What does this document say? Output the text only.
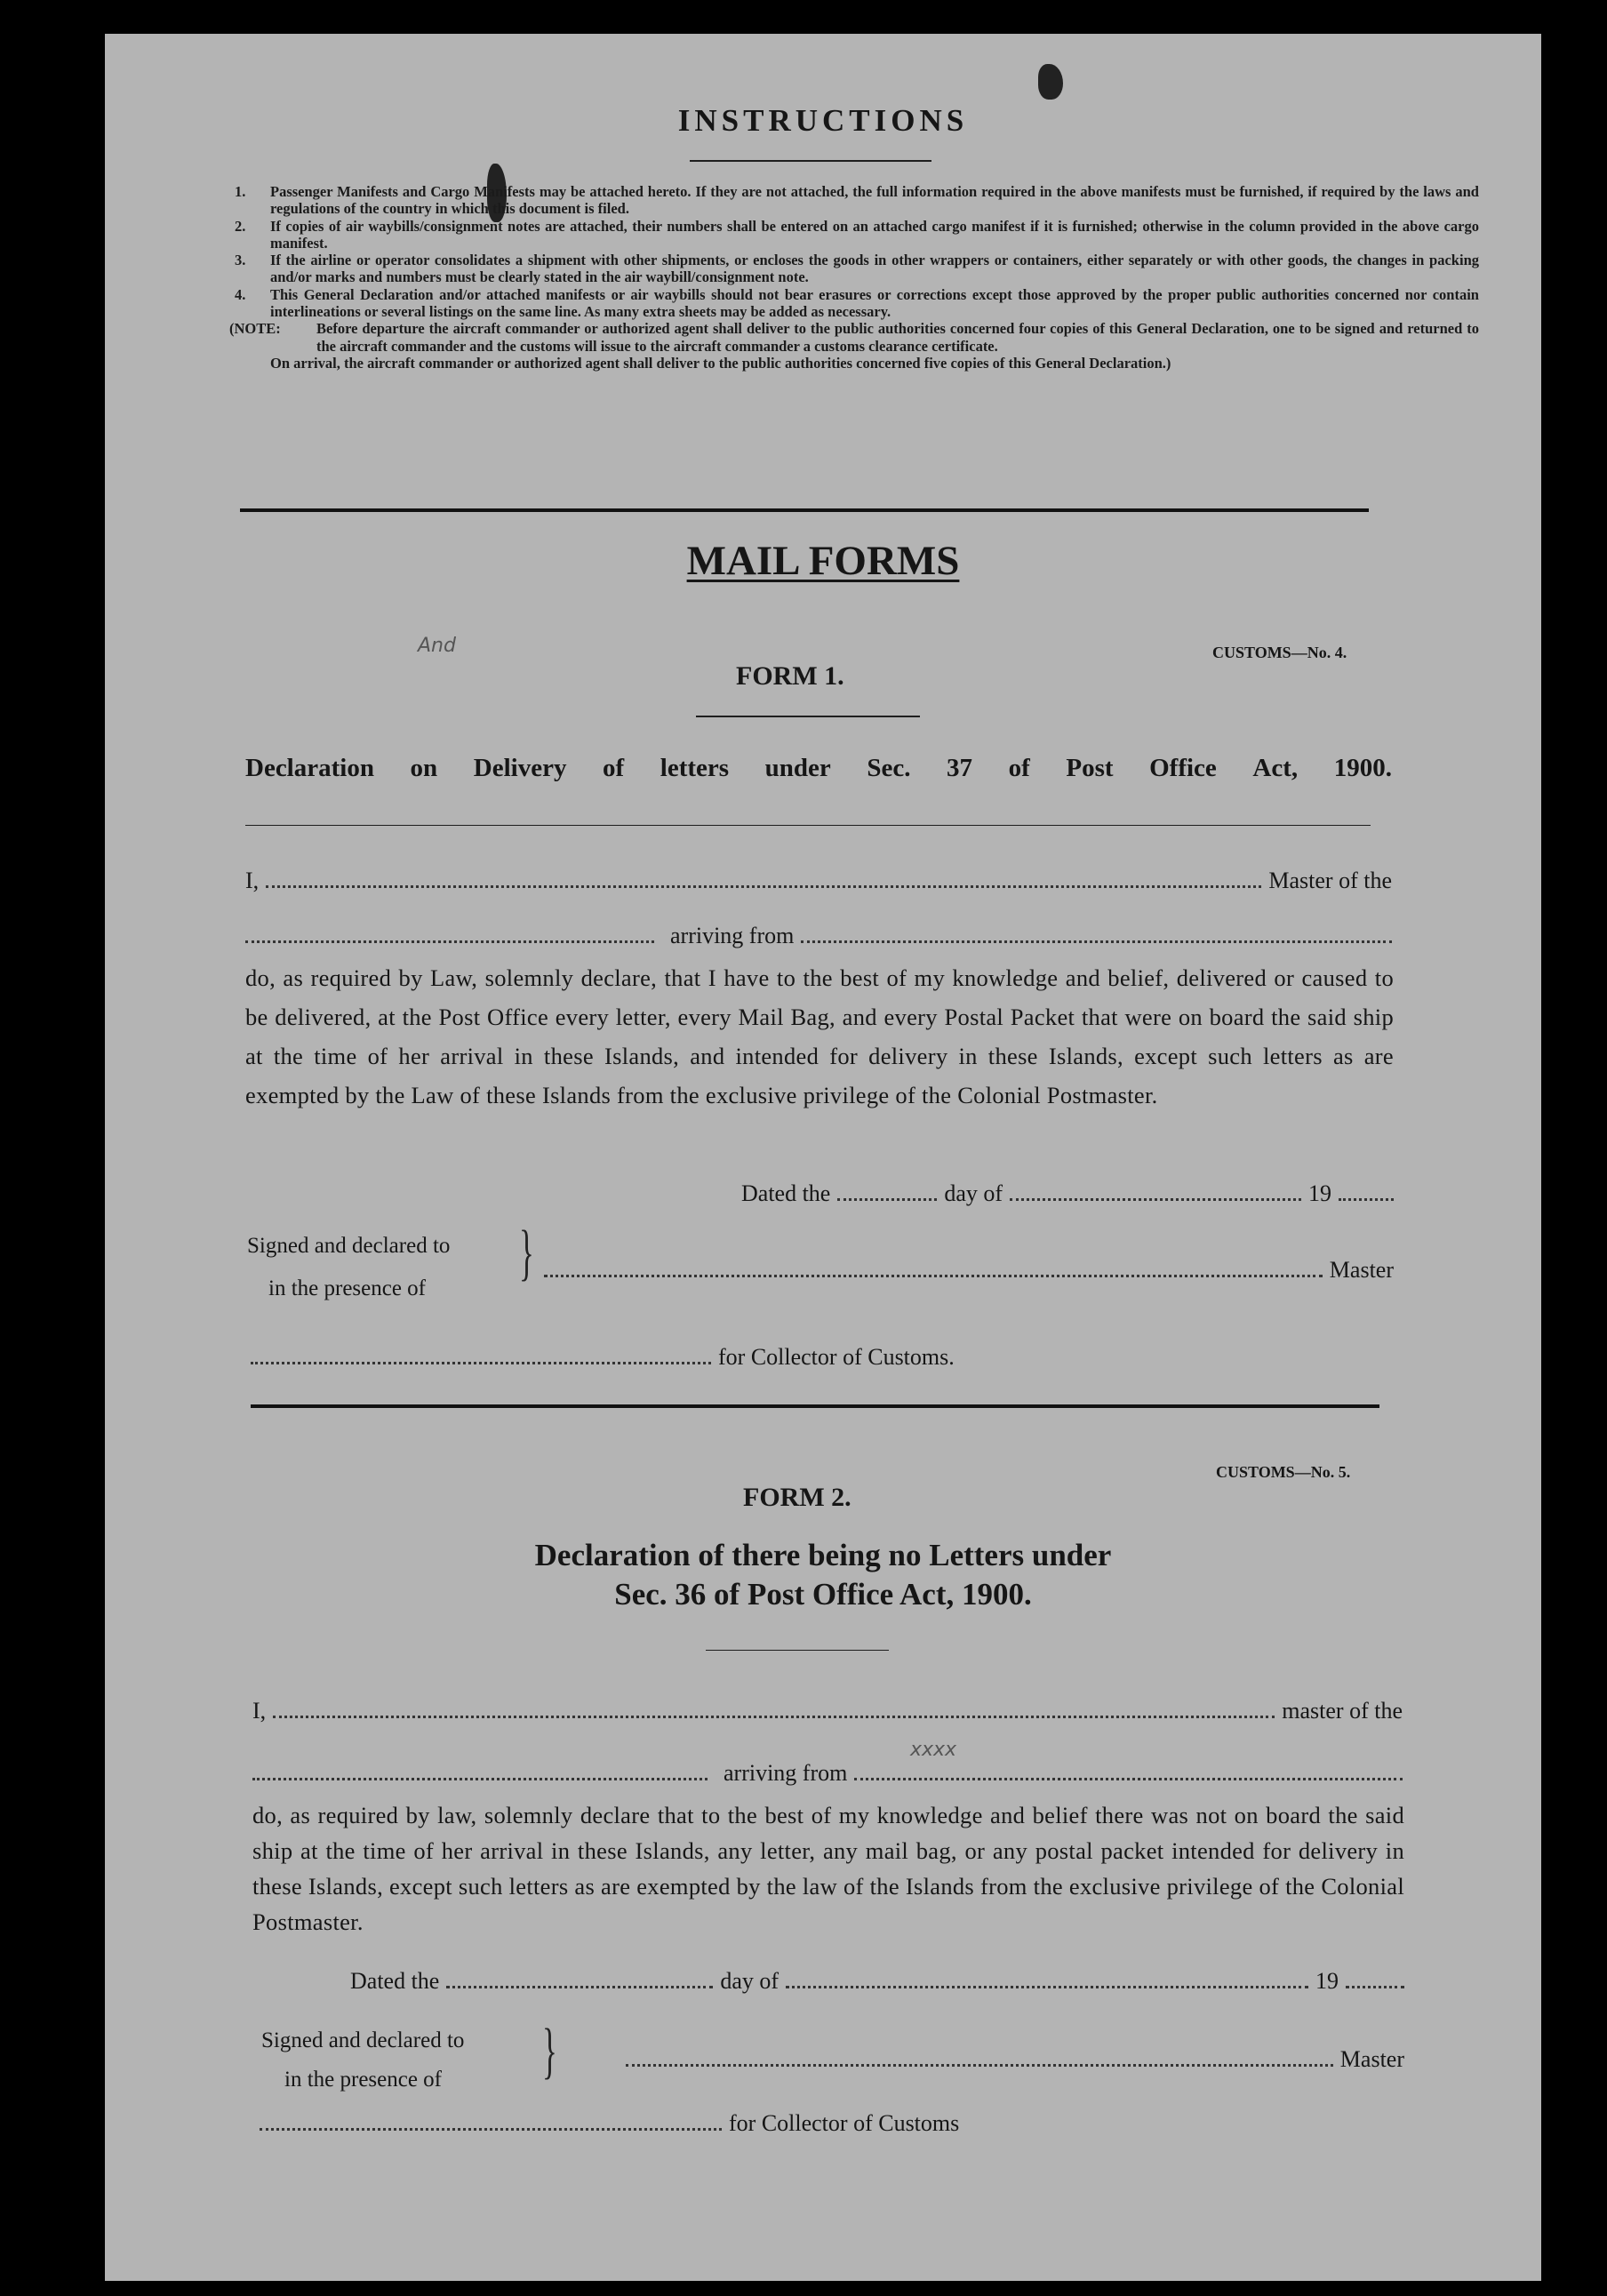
INSTRUCTIONS
1. Passenger Manifests and Cargo Manifests may be attached hereto. If they are not attached, the full information required in the above manifests must be furnished, if required by the laws and regulations of the country in which this document is filed.
2. If copies of air waybills/consignment notes are attached, their numbers shall be entered on an attached cargo manifest if it is furnished; otherwise in the column provided in the above cargo manifest.
3. If the airline or operator consolidates a shipment with other shipments, or encloses the goods in other wrappers or containers, either separately or with other goods, the changes in packing and/or marks and numbers must be clearly stated in the air waybill/consignment note.
4. This General Declaration and/or attached manifests or air waybills should not bear erasures or corrections except those approved by the proper public authorities concerned nor contain interlineations or several listings on the same line. As many extra sheets may be added as necessary.
(NOTE:	Before departure the aircraft commander or authorized agent shall deliver to the public authorities concerned four copies of this General Declaration, one to be signed and returned to the aircraft commander and the customs will issue to the aircraft commander a customs clearance certificate.

On arrival, the aircraft commander or authorized agent shall deliver to the public authorities concerned five copies of this General Declaration.)

MAIL FORMS
CUSTOMS—No. 4.
And
FORM 1.
Declaration on Delivery of letters under Sec. 37 of Post Office Act, 1900.
I,	Master of the
arriving from
do, as required by Law, solemnly declare, that I have to the best of my knowledge and belief, delivered or caused to be delivered, at the Post Office every letter, every Mail Bag, and every Postal Packet that were on board the said ship at the time of her arrival in these Islands, and intended for delivery in these Islands, except such letters as are exempted by the Law of these Islands from the exclusive privilege of the Colonial Postmaster.
Dated the	day of	19
Signed and declared to
in the presence of
}	Master
for Collector of Customs.
CUSTOMS—No. 5.
FORM 2.
Declaration of there being no Letters under
Sec. 36 of Post Office Act, 1900.
I,	master of the
xxxx
arriving from
do, as required by law, solemnly declare that to the best of my knowledge and belief there was not on board the said ship at the time of her arrival in these Islands, any letter, any mail bag, or any postal packet intended for delivery in these Islands, except such letters as are exempted by the law of the Islands from the exclusive privilege of the Colonial Postmaster.
Dated the	day of	19
Signed and declared to
in the presence of	}	Master
for Collector of Customs
